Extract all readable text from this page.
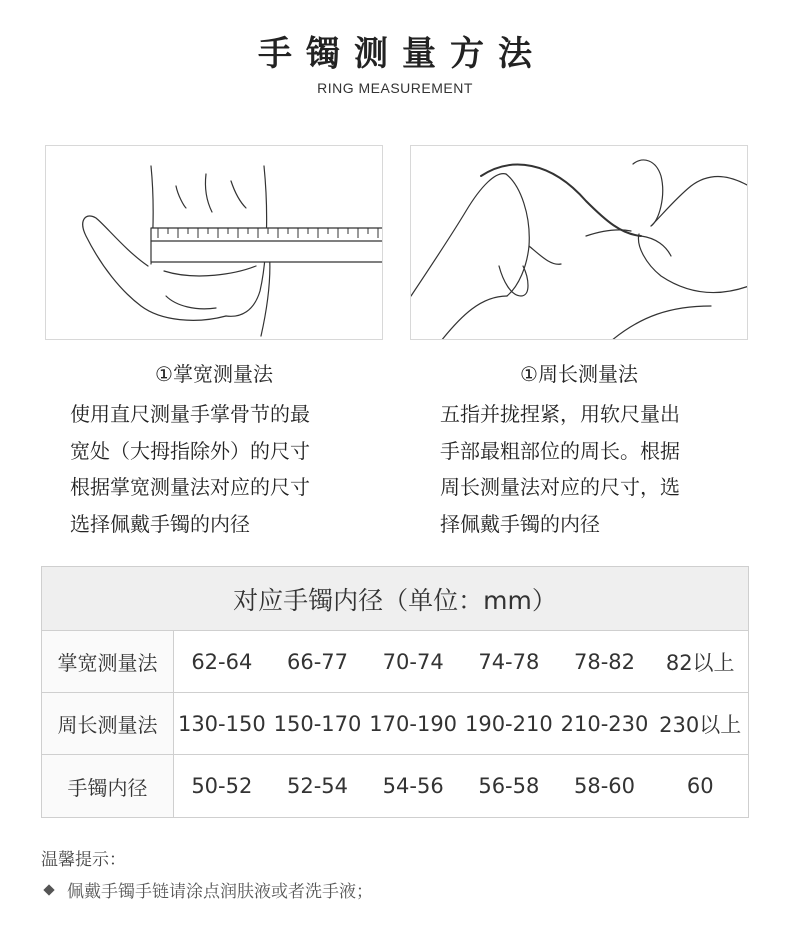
手镯测量方法
RING MEASUREMENT
①掌宽测量法	①周长测量法
使用直尺测量手掌骨节的最
宽处（大拇指除外）的尺寸
根据掌宽测量法对应的尺寸
选择佩戴手镯的内径
五指并拢捏紧，用软尺量出
手部最粗部位的周长。根据
周长测量法对应的尺寸，选
择佩戴手镯的内径
对应手镯内径（单位：mm）
掌宽测量法	62-64	66-77	70-74	74-78	78-82	82以上
周长测量法 130-150 150-170 170-190 190-210 210-230 230以上
手镯内径	50-52	52-54	54-56	56-58	58-60	60
温馨提示：
佩戴手镯手链请涂点润肤液或者洗手液；
